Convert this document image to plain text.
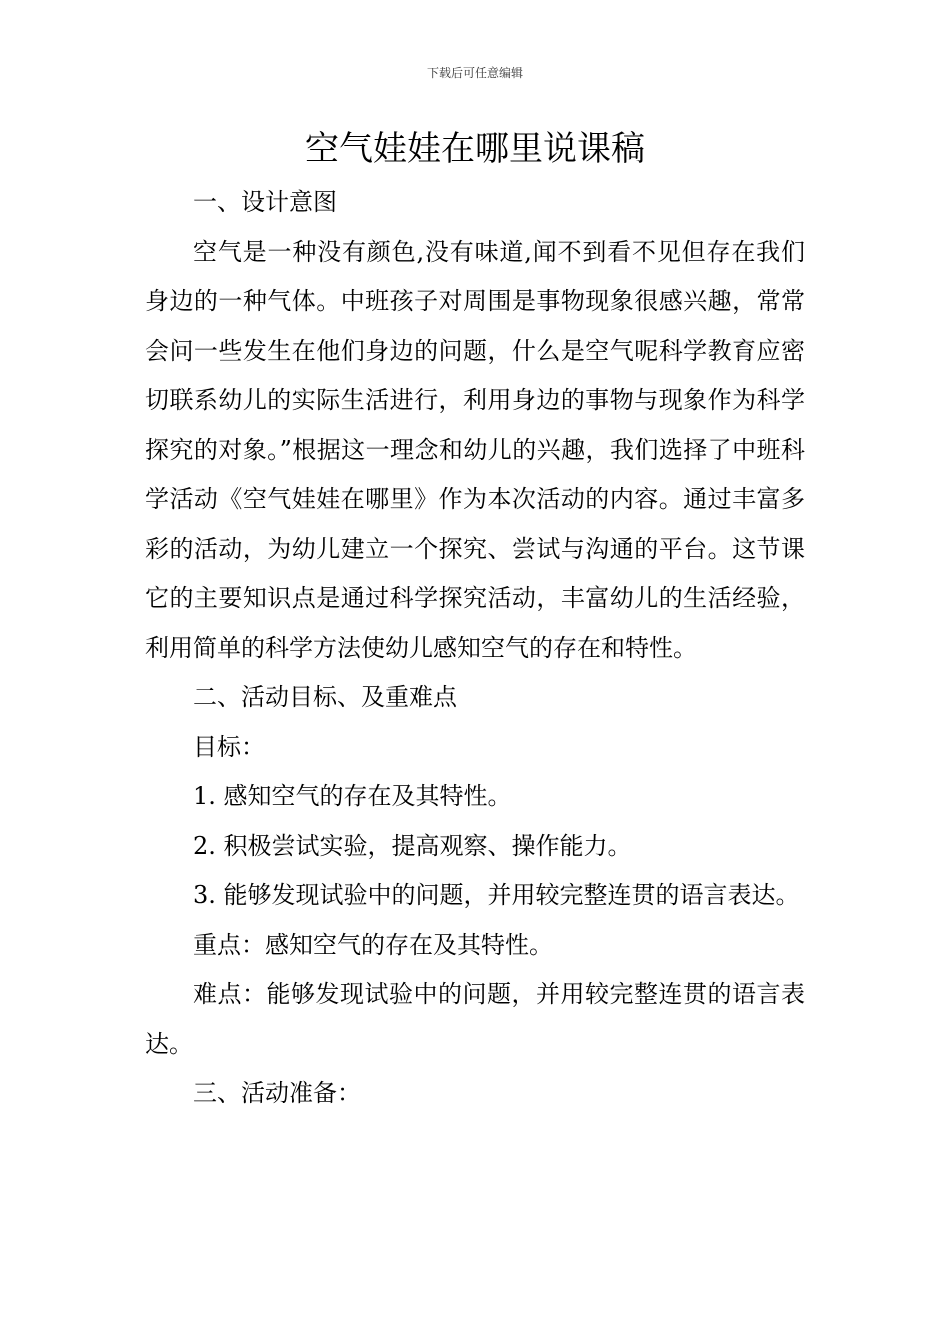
下载后可任意编辑
空气娃娃在哪里说课稿

一、设计意图

空气是一种没有颜色,没有味道,闻不到看不见但存在我们身边的一种气体。中班孩子对周围是事物现象很感兴趣，常常会问一些发生在他们身边的问题，什么是空气呢科学教育应密切联系幼儿的实际生活进行，利用身边的事物与现象作为科学探究的对象。”根据这一理念和幼儿的兴趣，我们选择了中班科学活动《空气娃娃在哪里》作为本次活动的内容。通过丰富多彩的活动，为幼儿建立一个探究、尝试与沟通的平台。这节课它的主要知识点是通过科学探究活动，丰富幼儿的生活经验，利用简单的科学方法使幼儿感知空气的存在和特性。

二、活动目标、及重难点

目标：

1. 感知空气的存在及其特性。

2. 积极尝试实验，提高观察、操作能力。

3. 能够发现试验中的问题，并用较完整连贯的语言表达。

重点：感知空气的存在及其特性。

难点：能够发现试验中的问题，并用较完整连贯的语言表达。

三、活动准备：
